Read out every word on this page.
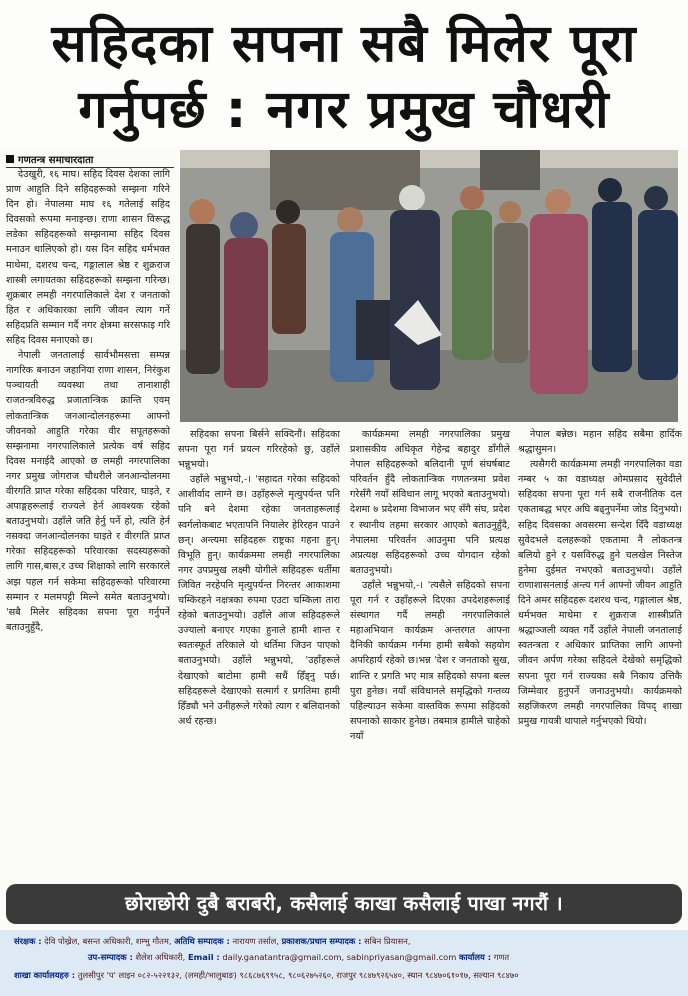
सहिदका सपना सबै मिलेर पूरा
गर्नुपर्छ : नगर प्रमुख चौधरी
गणतन्त्र समाचारदाता

देउखुरी, १६ माघ। सहिद दिवस देशका लागि प्राण आहुति दिने सहिदहरूको सम्झना गरिने दिन हो। नेपालमा माघ १६ गतेलाई सहिद दिवसको रूपमा मनाइन्छ। राणा शासन विरूद्ध लडेका सहिदहरूको सम्झनामा सहिद दिवस मनाउन थालिएको हो। यस दिन सहिद धर्मभक्त माथेमा, दशरथ चन्द, गङ्गालाल श्रेष्ठ र शुक्रराज शास्त्री लगायतका सहिदहरूको सम्झना गरिन्छ। शुक्रबार लमही नगरपालिकाले देश र जनताको हित र अधिकारका लागि जीवन त्याग गर्ने सहिदप्रति सम्मान गर्दै नगर क्षेत्रमा सरसफाइ गरि सहिद दिवस मनाएको छ।

नेपाली जनतालाई सार्वभौमसत्ता सम्पन्न नागरिक बनाउन जहानिया राणा शासन, निरंकुश पञ्चायती व्यवस्था तथा तानाशाही राजतन्त्रविरुद्ध प्रजातान्त्रिक क्रान्ति एवम् लोकतान्त्रिक जनआन्दोलनहरूमा आफ्नो जीवनको आहुति गरेका वीर सपूतहरूको सम्झनामा नगरपालिकाले प्रत्येक वर्ष सहिद दिवस मनाईदै आएको छ लमही नगरपालिका नगर प्रमुख जोगराज चौधरीले जनआन्दोलनमा वीरगति प्राप्त गरेका सहिदका परिवार, घाइते, र अपाङ्गहरूलाई राज्यले हेर्न आवश्यक रहेको बताउनुभयो। उहाँले जति हेर्नु पर्ने हो, त्यति हेर्न नसक्दा जनआन्दोलनका घाइते र वीरगति प्राप्त गरेका सहिदहरूको परिवारका सदस्यहरूको लागि गास,बास,र उच्च शिक्षाको लागि सरकारले अझ पहल गर्न सकेमा सहिदहरूको परिवारमा सम्मान र मलमपट्टी मिल्ने समेत बताउनुभयो। 'सबै मिलेर सहिदका सपना पूरा गर्नुपर्ने बताउनुहुँदै,

सहिदका सपना बिर्सने सक्दिनौं। सहिदका सपना पूरा गर्न प्रयत्न गरिरहेको छु, उहाँले भन्नुभयो।

उहाँले भन्नुभयो,-। 'सहादत गरेका सहिदको आशीर्वाद लाग्ने छ। उहाँहरूले मृत्युपर्यन्त पनि पनि बने देशमा रहेका जनताहरूलाई स्वर्गलोकबाट भएतापनि नियालेर हेरिरहन पाउने छन्। अन्त्यमा सहिदहरू राष्ट्रका गहना हुन्। विभूति हुन्। कार्यक्रममा लमही नगरपालिका नगर उपप्रमुख लक्ष्मी योगीले सहिदहरू धर्तीमा जिवित नरहेपनि मृत्युपर्यन्त निरन्तर आकाशमा चम्किरहने नक्षत्रका रुपमा एउटा चम्किला तारा रहेको बताउनुभयो। उहाँले आज सहिदहरूले उज्यालो बनाएर गएका हुनाले हामी शान्त र स्वतःस्फूर्त तरिकाले यो धर्तिमा जिउन पाएको बताउनुभयो। उहाँले भन्नुभयो, 'उहाँहरूले देखाएको बाटोमा हामी सधैं हिँड्नु पर्छ। सहिदहरूले देखाएको सत्मार्ग र प्रगतिमा हामी हिँड्यौ भने उनीहरूले गरेको त्याग र बलिदानको अर्थ रहन्छ।

कार्यक्रममा लमही नगरपालिका प्रमुख प्रशासकीय अधिकृत गेहेन्द्र बहादुर डाँगीले नेपाल सहिदहरूको बलिदानी पूर्ण संघर्षबाट परिवर्तन हुँदै लोकतान्त्रिक गणतन्त्रमा प्रवेश गरेसँगै नयाँ संविधान लागू भएको बताउनुभयो। देशमा ७ प्रदेशमा विभाजन भए सँगै संघ, प्रदेश र स्थानीय तहमा सरकार आएको बताउनुहुँदै, नेपालमा परिवर्तन आउनुमा पनि प्रत्यक्ष अप्रत्यक्ष सहिदहरूको उच्च योगदान रहेको बताउनुभयो।

उहाँले भन्नुभयो,-। 'त्यसैले सहिदको सपना पूरा गर्न र उहाँहरूले दिएका उपदेशहरूलाई संस्थागत गर्दै लमही नगरपालिकाले महाअभियान कार्यक्रम अन्तरगत आफ्ना दैनिकी कार्यक्रम गर्नमा हामी सबैको सहयोग अपरिहार्य रहेको छ।भन्न 'देश र जनताको सुख, शान्ति र प्रगति भए मात्र सहिदको सपना बल्ल पुरा हुनेछ। नयाँ संविधानले समृद्धिको गन्तव्य पहिल्याउन सकेमा वास्तविक रूपमा सहिदको सपनाको साकार हुनेछ। तबमात्र हामीले चाहेको नयाँ

नेपाल बन्नेछ। महान सहिद सबैमा हार्दिक श्रद्धासुमन।

त्यसैगरी कार्यक्रममा लमही नगरपालिका वडा नम्बर ५ का वडाध्यक्ष ओमप्रसाद सुवेदीले सहिदका सपना पूरा गर्न सबै राजनीतिक दल एकताबद्ध भएर अघि बढ्नुपर्नेमा जोड दिनुभयो। सहिद दिवसका अवसरमा सन्देश दिँदै वडाध्यक्ष सुवेदभले दलहरूको एकतामा नै लोकतन्त्र बलियो हुने र यसविरुद्ध हुने चलखेल निस्तेज हुनेमा दुईमत नभएको बताउनुभयो। उहाँले राणाशासनलाई अन्त्य गर्न आफ्नो जीवन आहुति दिने अमर सहिदहरू दशरथ चन्द, गङ्गालाल श्रेष्ठ, धर्मभक्त माथेमा र शुक्रराज शास्त्रीप्रति श्रद्धाञ्जली व्यक्त गर्दै उहाँले नेपाली जनतालाई स्वतन्त्रता र अधिकार प्राप्तिका लागि आफ्नो जीवन अर्पण गरेका सहिदले देखेको समृद्धिको सपना पूरा गर्न राज्यका सबै निकाय उत्तिकै जिम्मेवार हुनुपर्ने जनाउनुभयो। कार्यक्रमको सहजिकरण लमही नगरपालिका विपद् शाखा प्रमुख गायत्री थापाले गर्नुभएको थियो।

छोराछोरी दुबै बराबरी, कसैलाई काखा कसैलाई पाखा नगरौं ।
संरक्षक : देवि पोख्रेल, बसन्त अधिकारी, शम्भु गौतम, अतिथि सम्पादक : नारायण तर्साल, प्रकाशक/प्रधान सम्पादक : सबिन प्रियासन,
उप-सम्पादक : शैलेश अधिकारी, Email : daily.ganatantra@gmail.com, sabinpriyasan@gmail.com कार्यालय : गणत
शाखा कार्यालयहरु : तुलसीपुर 'प' लाइन ०८२-५२२१३२, (लमही/भालुबाङ) ९८६८७६९९५८, ९८०६२७५२६०, राजपुर ९८४७९२६५४०, स्थान ९८४७०६१०१७, सल्यान ९८४७०
